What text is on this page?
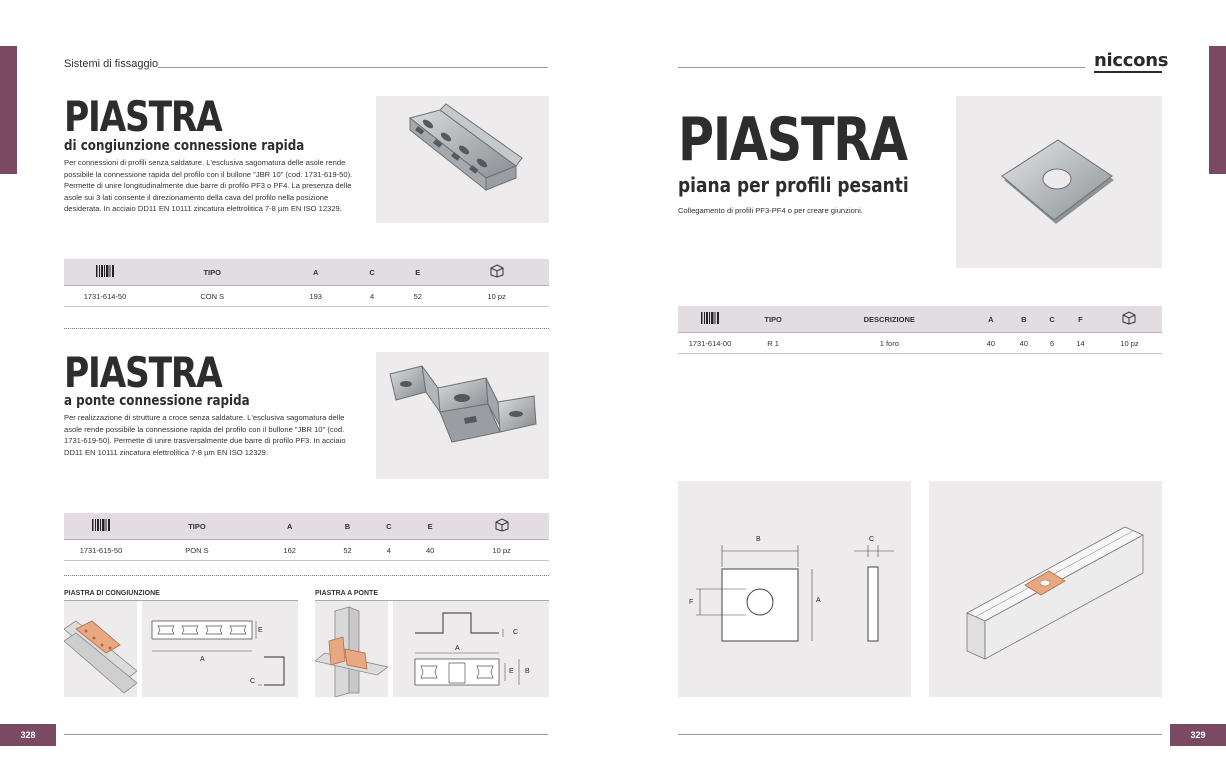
Sistemi di fissaggio
PIASTRA
di congiunzione connessione rapida
Per connessioni di profili senza saldature. L'esclusiva sagomatura delle asole rende possibile la connessione rapida del profilo con il bullone "JBR 10" (cod. 1731-619-50). Permette di unire longitudinalmente due barre di profilo PF3 o PF4. La presenza delle asole sui 3 lati consente il direzionamento della cava del profilo nella posizione desiderata. In acciaio DD11 EN 10111 zincatura elettrolitica 7-8 µm EN ISO 12329.
	TIPO	A	C	E	
1731-614-50	CON S	193	4	52	10 pz
PIASTRA
a ponte connessione rapida
Per realizzazione di strutture a croce senza saldature. L'esclusiva sagomatura delle asole rende possibile la connessione rapida del profilo con il bullone "JBR 10" (cod. 1731-619-50). Permette di unire trasversalmente due barre di profilo PF3. In acciaio DD11 EN 10111 zincatura elettrolitica 7-8 µm EN ISO 12329.
	TIPO	A	B	C	E	
1731-615-50	PON S	162	52	4	40	10 pz
PIASTRA DI CONGIUNZIONE	PIASTRA A PONTE
E
A
C
C
A
E B
328
niccons
PIASTRA
piana per profili pesanti
Collegamento di profili PF3-PF4 o per creare giunzioni.
	TIPO	DESCRIZIONE	A	B	C	F	
1731-614-00	R 1	1 foro	40	40	6	14	10 pz
B	C
A
F
329
